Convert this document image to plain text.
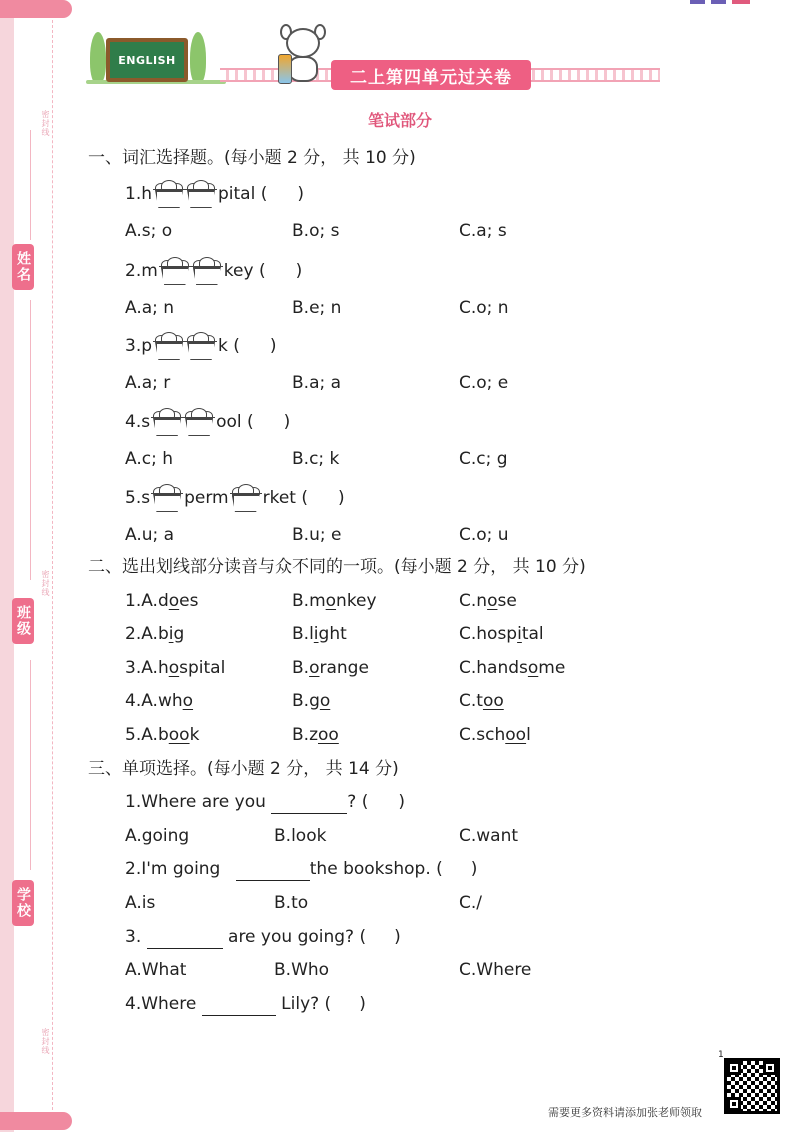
密封线
密封线
密封线
姓名
班级
学校
ENGLISH
二上第四单元过关卷
笔试部分
一、词汇选择题。(每小题 2 分， 共 10 分)
1.h	pital ( )
A.s; o	B.o; s	C.a; s
2.m	key ( )
A.a; n	B.e; n	C.o; n
3.p	k ( )
A.a; r	B.a; a	C.o; e
4.s	ool ( )
A.c; h	B.c; k	C.c; g
5.s perm rket ( )
A.u; a	B.u; e	C.o; u
二、选出划线部分读音与众不同的一项。(每小题 2 分， 共 10 分)
1.A.does	B.monkey	C.nose
2.A.big	B.light	C.hospital
3.A.hospital	B.orange	C.handsome
4.A.who	B.go	C.too
5.A.book	B.zoo	C.school
三、单项选择。(每小题 2 分， 共 14 分)
1.Where are you	? ( )
A.going	B.look	C.want
2.I'm going	the bookshop. ( )
A.is	B.to	C./
3.	are you going? ( )
A.What	B.Who	C.Where
4.Where	Lily? ( )
1
需要更多资料请添加张老师领取
